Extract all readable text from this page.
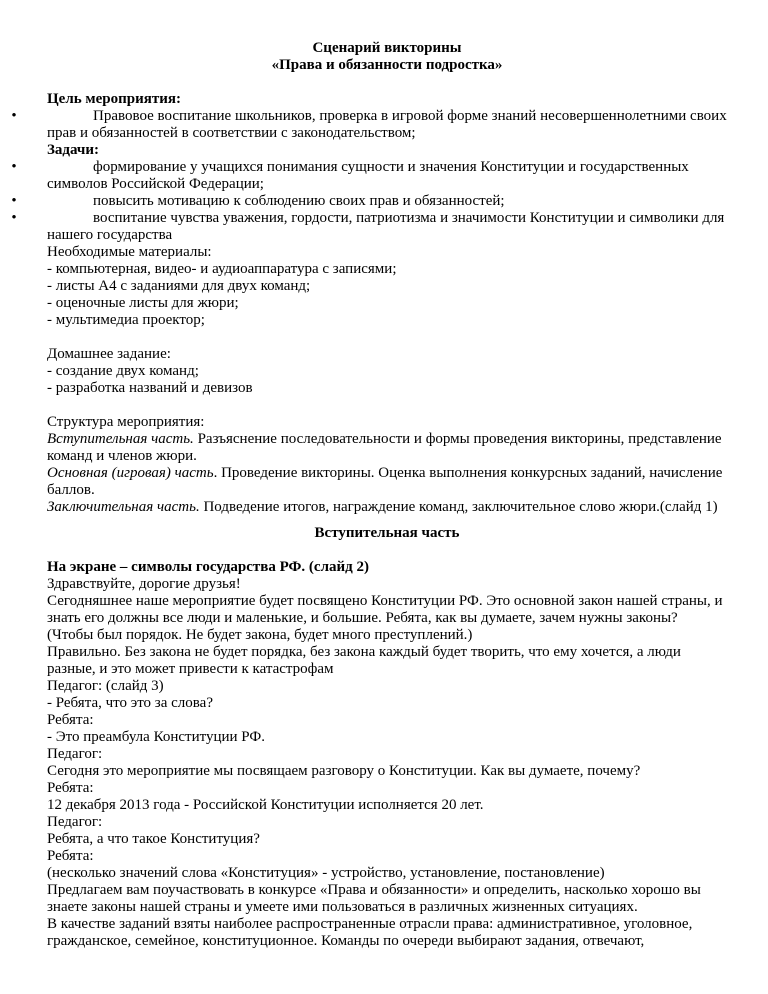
Сценарий викторины

«Права и обязанности подростка»

Цель мероприятия:

•	Правовое воспитание школьников, проверка в игровой форме знаний несовершеннолетними своих прав и обязанностей в соответствии с законодательством;

Задачи:

•	формирование у учащихся понимания сущности и значения Конституции и государственных символов Российской Федерации;

•	повысить мотивацию к соблюдению своих прав и обязанностей;

•	воспитание чувства уважения, гордости, патриотизма и значимости Конституции и символики для нашего государства

Необходимые материалы:

- компьютерная, видео- и аудиоаппаратура с записями;

- листы А4 с заданиями для двух команд;

- оценочные листы для жюри;

- мультимедиа проектор;

Домашнее задание:

- создание двух команд;

- разработка названий и девизов

Структура мероприятия:

Вступительная часть. Разъяснение последовательности и формы проведения викторины, представление команд и членов жюри.

Основная (игровая) часть. Проведение викторины. Оценка выполнения конкурсных заданий, начисление баллов.

Заключительная часть. Подведение итогов, награждение команд, заключительное слово жюри.(слайд 1)

Вступительная часть

На экране – символы государства РФ. (слайд 2)

Здравствуйте, дорогие друзья!

Сегодняшнее наше мероприятие будет посвящено Конституции РФ. Это основной закон нашей страны, и знать его должны все люди и маленькие, и большие. Ребята, как вы думаете, зачем нужны законы? (Чтобы был порядок. Не будет закона, будет много преступлений.)

Правильно. Без закона не будет порядка, без закона каждый будет творить, что ему хочется, а люди разные, и это может привести к катастрофам

Педагог: (слайд 3)

- Ребята, что это за слова?

Ребята:

- Это преамбула Конституции РФ.

Педагог:

Сегодня это мероприятие мы посвящаем разговору о Конституции. Как вы думаете, почему?

Ребята:

12 декабря 2013 года - Российской Конституции исполняется 20 лет.

Педагог:

Ребята, а что такое Конституция?

Ребята:

(несколько значений слова «Конституция» - устройство, установление, постановление)

Предлагаем вам поучаствовать в конкурсе «Права и обязанности» и определить, насколько хорошо вы знаете законы нашей страны и умеете ими пользоваться в различных жизненных ситуациях.

В качестве заданий взяты наиболее распространенные отрасли права: административное, уголовное, гражданское, семейное, конституционное. Команды по очереди выбирают задания, отвечают,
